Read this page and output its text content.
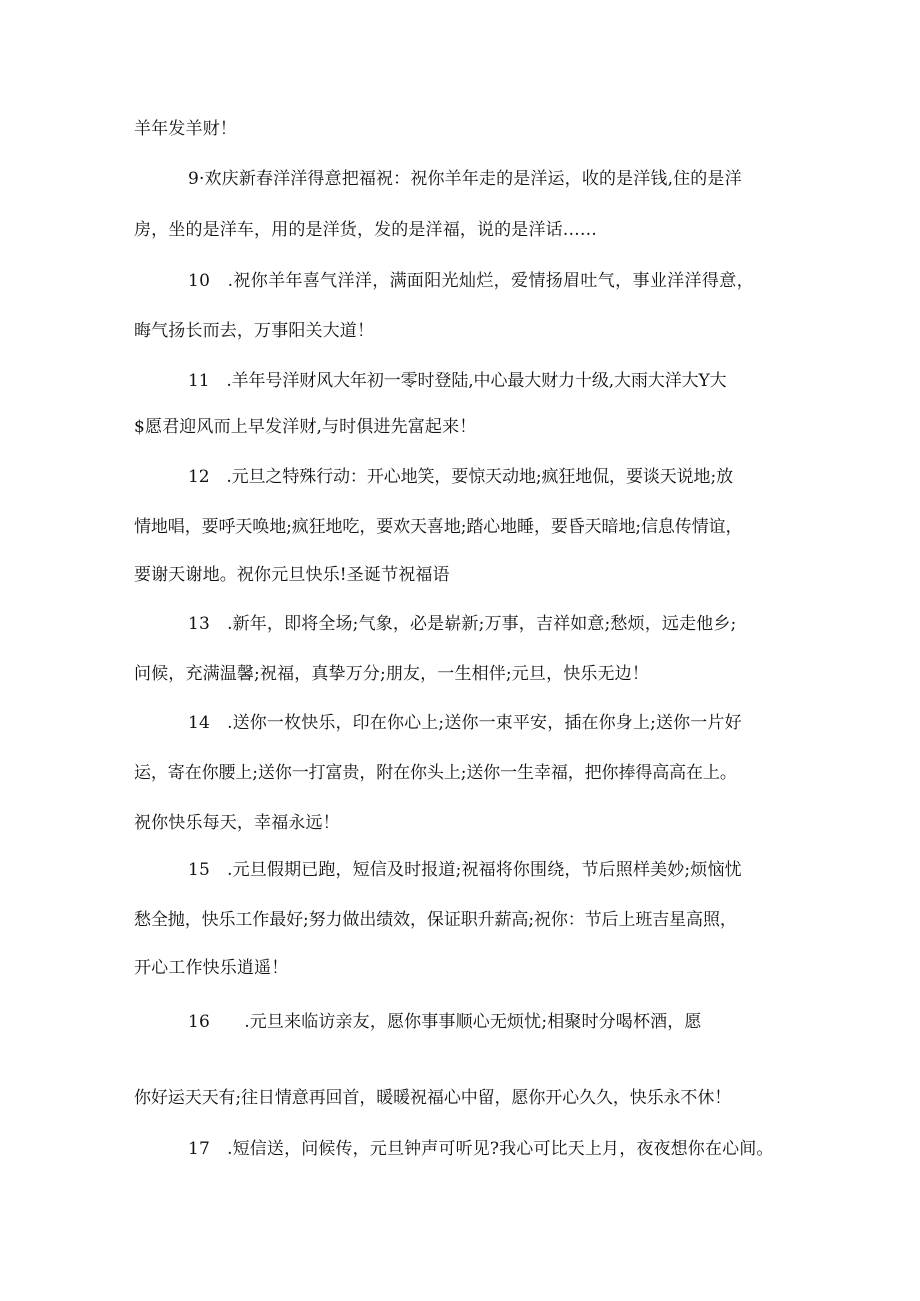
羊年发羊财！
9·欢庆新春洋洋得意把福祝：祝你羊年走的是洋运，收的是洋钱,住的是洋
房，坐的是洋车，用的是洋货，发的是洋福，说的是洋话……
10　.祝你羊年喜气洋洋，满面阳光灿烂，爱情扬眉吐气，事业洋洋得意，
晦气扬长而去，万事阳关大道！
11　.羊年号洋财风大年初一零时登陆,中心最大财力十级,大雨大洋大Y大
$愿君迎风而上早发洋财,与时俱进先富起来！
12　.元旦之特殊行动：开心地笑，要惊天动地;疯狂地侃，要谈天说地;放
情地唱，要呼天唤地;疯狂地吃，要欢天喜地;踏心地睡，要昏天暗地;信息传情谊，
要谢天谢地。祝你元旦快乐!圣诞节祝福语
13　.新年，即将全场;气象，必是崭新;万事，吉祥如意;愁烦，远走他乡;
问候，充满温馨;祝福，真挚万分;朋友，一生相伴;元旦，快乐无边！
14　.送你一枚快乐，印在你心上;送你一束平安，插在你身上;送你一片好
运，寄在你腰上;送你一打富贵，附在你头上;送你一生幸福，把你捧得高高在上。
祝你快乐每天，幸福永远！
15　.元旦假期已跑，短信及时报道;祝福将你围绕，节后照样美妙;烦恼忧
愁全抛，快乐工作最好;努力做出绩效，保证职升薪高;祝你：节后上班吉星高照，
开心工作快乐逍遥！
16　　.元旦来临访亲友，愿你事事顺心无烦忧;相聚时分喝杯酒，愿
你好运天天有;往日情意再回首，暖暖祝福心中留，愿你开心久久，快乐永不休！
17　.短信送，问候传，元旦钟声可听见?我心可比天上月，夜夜想你在心间。
